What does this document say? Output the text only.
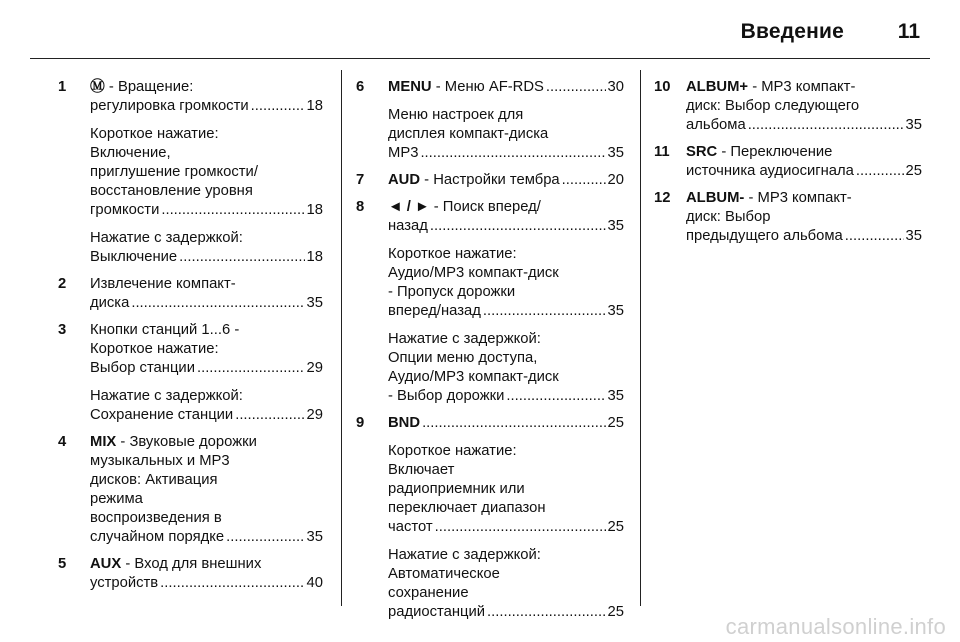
Введение	11
1 Ⓜ - Вращение:
регулировка громкости .....	18
Короткое нажатие:
Включение,
приглушение громкости/
восстановление уровня
громкости .....	18
Нажатие с задержкой:
Выключение .....	18
2 Извлечение компакт-
диска .....	35
3 Кнопки станций 1...6 -
Короткое нажатие:
Выбор станции .....	29
Нажатие с задержкой:
Сохранение станции .....	29
4 MIX - Звуковые дорожки
музыкальных и MP3
дисков: Активация
режима
воспроизведения в
случайном порядке .....	35
5 AUX - Вход для внешних
устройств .....	40
6 MENU - Меню AF-RDS .....	30
Меню настроек для
дисплея компакт-диска
MP3 .....	35
7 AUD - Настройки тембра .....	20
8 ◄ / ► - Поиск вперед/
назад .....	35
Короткое нажатие:
Аудио/MP3 компакт-диск
- Пропуск дорожки
вперед/назад .....	35
Нажатие с задержкой:
Опции меню доступа,
Аудио/MP3 компакт-диск
- Выбор дорожки .....	35
9 BND .....	25
Короткое нажатие:
Включает
радиоприемник или
переключает диапазон
частот .....	25
Нажатие с задержкой:
Автоматическое
сохранение
радиостанций .....	25
10 ALBUM+ - MP3 компакт-
диск: Выбор следующего
альбома .....	35
11 SRC - Переключение
источника аудиосигнала .....	25
12 ALBUM- - MP3 компакт-
диск: Выбор
предыдущего альбома .....	35
carmanualsonline.info
